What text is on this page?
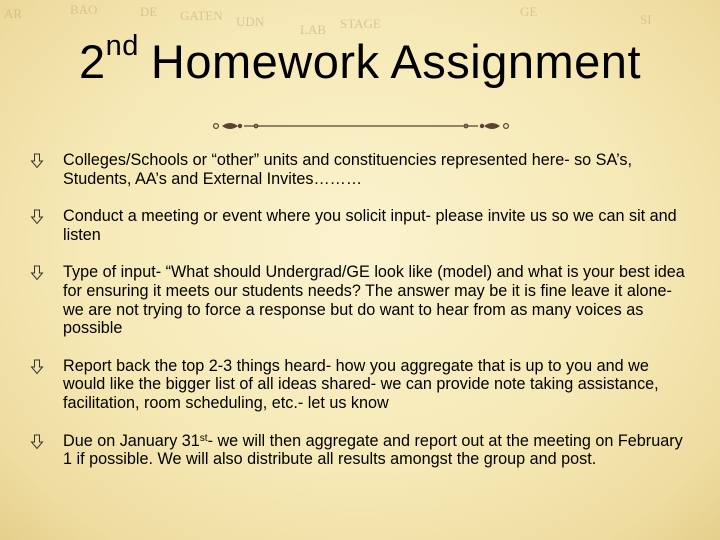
AR	BAO	DE GATEN UDN
LAB STAGE
GE
SI
2nd Homework Assignment
Colleges/Schools or “other” units and constituencies represented here- so SA’s, Students, AA’s and External Invites………
Conduct a meeting or event where you solicit input- please invite us so we can sit and listen
Type of input- “What should Undergrad/GE look like (model) and what is your best idea for ensuring it meets our students needs? The answer may be it is fine leave it alone- we are not trying to force a response but do want to hear from as many voices as possible
Report back the top 2-3 things heard- how you aggregate that is up to you and we would like the bigger list of all ideas shared- we can provide note taking assistance, facilitation, room scheduling, etc.- let us know
Due on January 31st- we will then aggregate and report out at the meeting on February 1 if possible. We will also distribute all results amongst the group and post.
